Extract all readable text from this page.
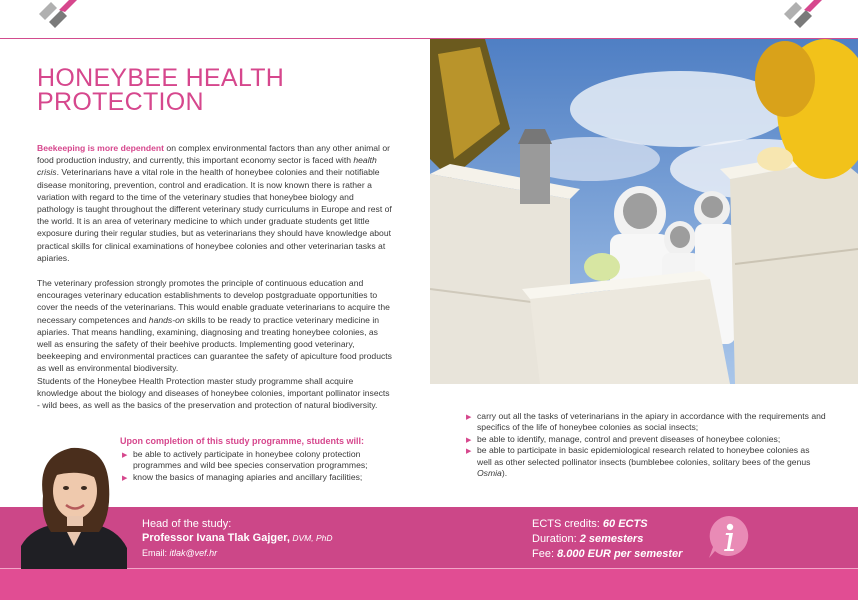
HONEYBEE HEALTH
PROTECTION

Beekeeping is more dependent on complex environmental factors than any other animal or food production industry, and currently, this important economy sector is faced with health crisis. Veterinarians have a vital role in the health of honeybee colonies and their notifiable disease monitoring, prevention, control and eradication. It is now known there is rather a variation with regard to the time of the veterinary studies that honeybee biology and pathology is taught throughout the different veterinary study curriculums in Europe and rest of the world. It is an area of veterinary medicine to which under graduate students get little exposure during their regular studies, but as veterinarians they should have knowledge about practical skills for clinical examinations of honeybee colonies and other veterinarian tasks at apiaries.

The veterinary profession strongly promotes the principle of continuous education and encourages veterinary education establishments to develop postgraduate opportunities to cover the needs of the veterinarians. This would enable graduate veterinarians to acquire the necessary competences and hands-on skills to be ready to practice veterinary medicine in apiaries. That means handling, examining, diagnosing and treating honeybee colonies, as well as ensuring the safety of their beehive products. Implementing good veterinary, beekeeping and environmental practices can guarantee the safety of apiculture food products as well as environmental biodiversity.
Students of the Honeybee Health Protection master study programme shall acquire knowledge about the biology and diseases of honeybee colonies, important pollinator insects - wild bees, as well as the basics of the preservation and protection of natural biodiversity.
Upon completion of this study programme, students will:
▶ be able to actively participate in honeybee colony protection programmes and wild bee species conservation programmes;
▶ know the basics of managing apiaries and ancillary facilities;
▶ carry out all the tasks of veterinarians in the apiary in accordance with the requirements and specifics of the life of honeybee colonies as social insects;
▶ be able to identify, manage, control and prevent diseases of honeybee colonies;
▶ be able to participate in basic epidemiological research related to honeybee colonies as well as other selected pollinator insects (bumblebee colonies, solitary bees of the genus Osmia).
Head of the study:
Professor Ivana Tlak Gajger, DVM, PhD
Email: itlak@vef.hr
ECTS credits: 60 ECTS
Duration: 2 semesters
Fee: 8.000 EUR per semester
